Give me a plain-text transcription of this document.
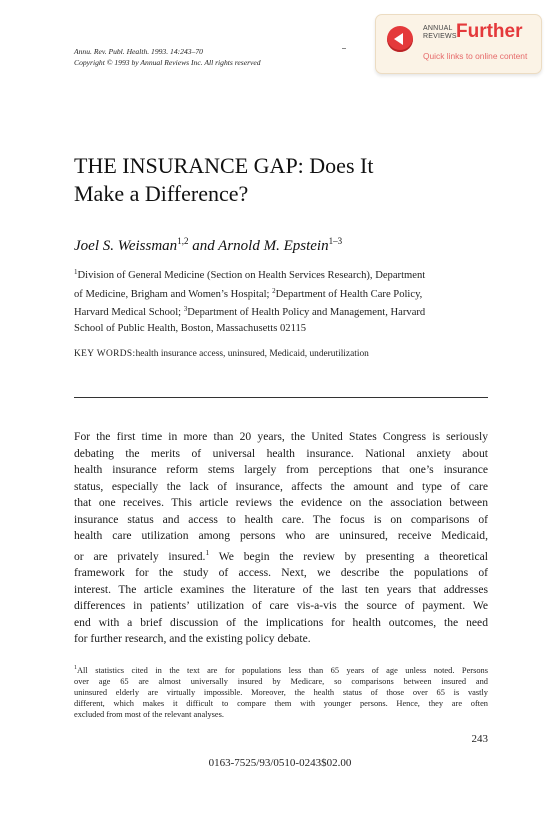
Annu. Rev. Publ. Health. 1993. 14:243–70
Copyright © 1993 by Annual Reviews Inc. All rights reserved
ANNUAL
REVIEWS Further
Quick links to online content
THE INSURANCE GAP: Does It
Make a Difference?
Joel S. Weissman$^{1,2}$ and Arnold M. Epstein$^{1-3}$
$^1$Division of General Medicine (Section on Health Services Research), Department
of Medicine, Brigham and Women’s Hospital; $^2$Department of Health Care Policy,
Harvard Medical School; $^3$Department of Health Policy and Management, Harvard
School of Public Health, Boston, Massachusetts 02115
KEY WORDS:health insurance access, uninsured, Medicaid, underutilization
For the first time in more than 20 years, the United States Congress is seriously
debating the merits of universal health insurance. National anxiety about
health insurance reform stems largely from perceptions that one’s insurance
status, especially the lack of insurance, affects the amount and type of care
that one receives. This article reviews the evidence on the association between
insurance status and access to health care. The focus is on comparisons of
health care utilization among persons who are uninsured, receive Medicaid,
or are privately insured.$^1$ We begin the review by presenting a theoretical
framework for the study of access. Next, we describe the populations of
interest. The article examines the literature of the last ten years that addresses
differences in patients’ utilization of care vis-a-vis the source of payment. We
end with a brief discussion of the implications for health outcomes, the need
for further research, and the existing policy debate.
$^1$All statistics cited in the text are for populations less than 65 years of age unless noted. Persons
over age 65 are almost universally insured by Medicare, so comparisons between insured and
uninsured elderly are virtually impossible. Moreover, the health status of those over 65 is vastly
different, which makes it difficult to compare them with younger persons. Hence, they are often
excluded from most of the relevant analyses.
243
0163-7525/93/0510-0243$02.00
